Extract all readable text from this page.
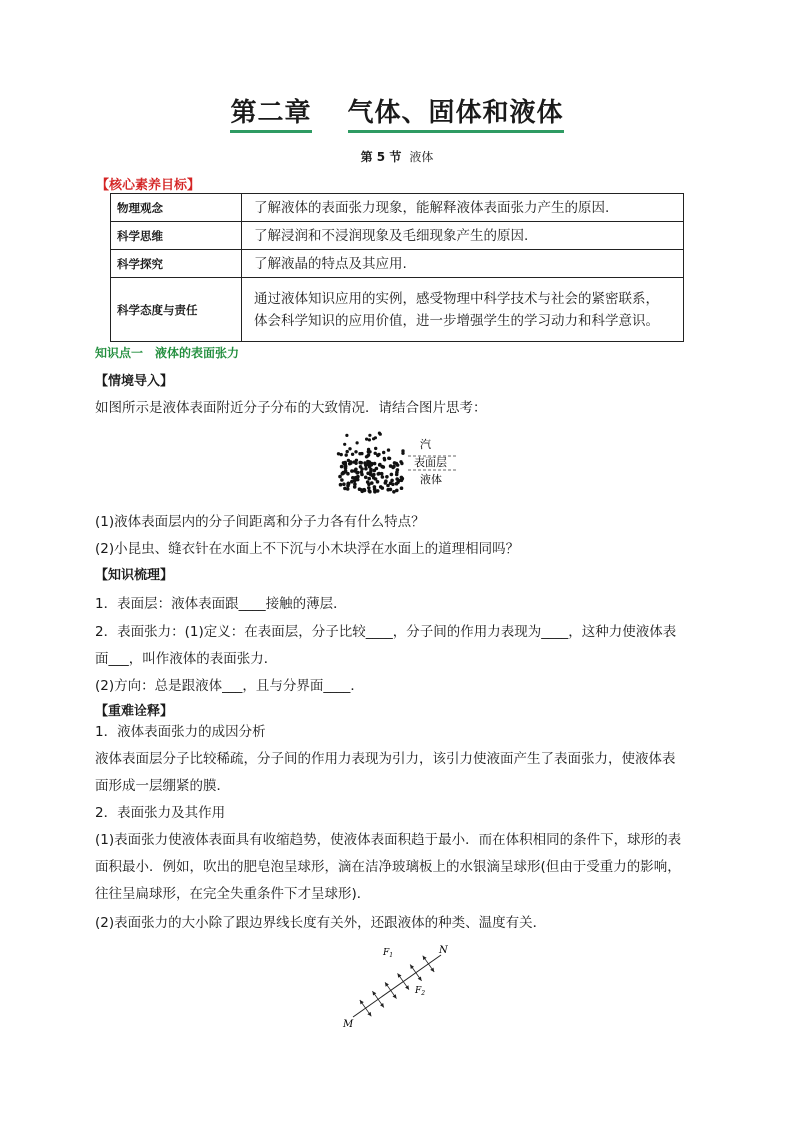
第二章 气体、固体和液体
第 5 节 液体
【核心素养目标】
物理观念	了解液体的表面张力现象，能解释液体表面张力产生的原因.
科学思维	了解浸润和不浸润现象及毛细现象产生的原因.
科学探究	了解液晶的特点及其应用.
科学态度与责任	通过液体知识应用的实例，感受物理中科学技术与社会的紧密联系，体会科学知识的应用价值，进一步增强学生的学习动力和科学意识。
知识点一　液体的表面张力
【情境导入】
如图所示是液体表面附近分子分布的大致情况．请结合图片思考：
汽
表面层
液体
(1)液体表面层内的分子间距离和分子力各有什么特点？
(2)小昆虫、缝衣针在水面上不下沉与小木块浮在水面上的道理相同吗？
【知识梳理】
1．表面层：液体表面跟____接触的薄层．
2．表面张力：(1)定义：在表面层，分子比较____，分子间的作用力表现为____，这种力使液体表
面___，叫作液体的表面张力．
(2)方向：总是跟液体___，且与分界面____．
【重难诠释】
1．液体表面张力的成因分析
液体表面层分子比较稀疏，分子间的作用力表现为引力，该引力使液面产生了表面张力，使液体表
面形成一层绷紧的膜．
2．表面张力及其作用
(1)表面张力使液体表面具有收缩趋势，使液体表面积趋于最小．而在体积相同的条件下，球形的表
面积最小．例如，吹出的肥皂泡呈球形，滴在洁净玻璃板上的水银滴呈球形(但由于受重力的影响，
往往呈扁球形，在完全失重条件下才呈球形)．
(2)表面张力的大小除了跟边界线长度有关外，还跟液体的种类、温度有关．
N
M
$F_1$
$F_2$
